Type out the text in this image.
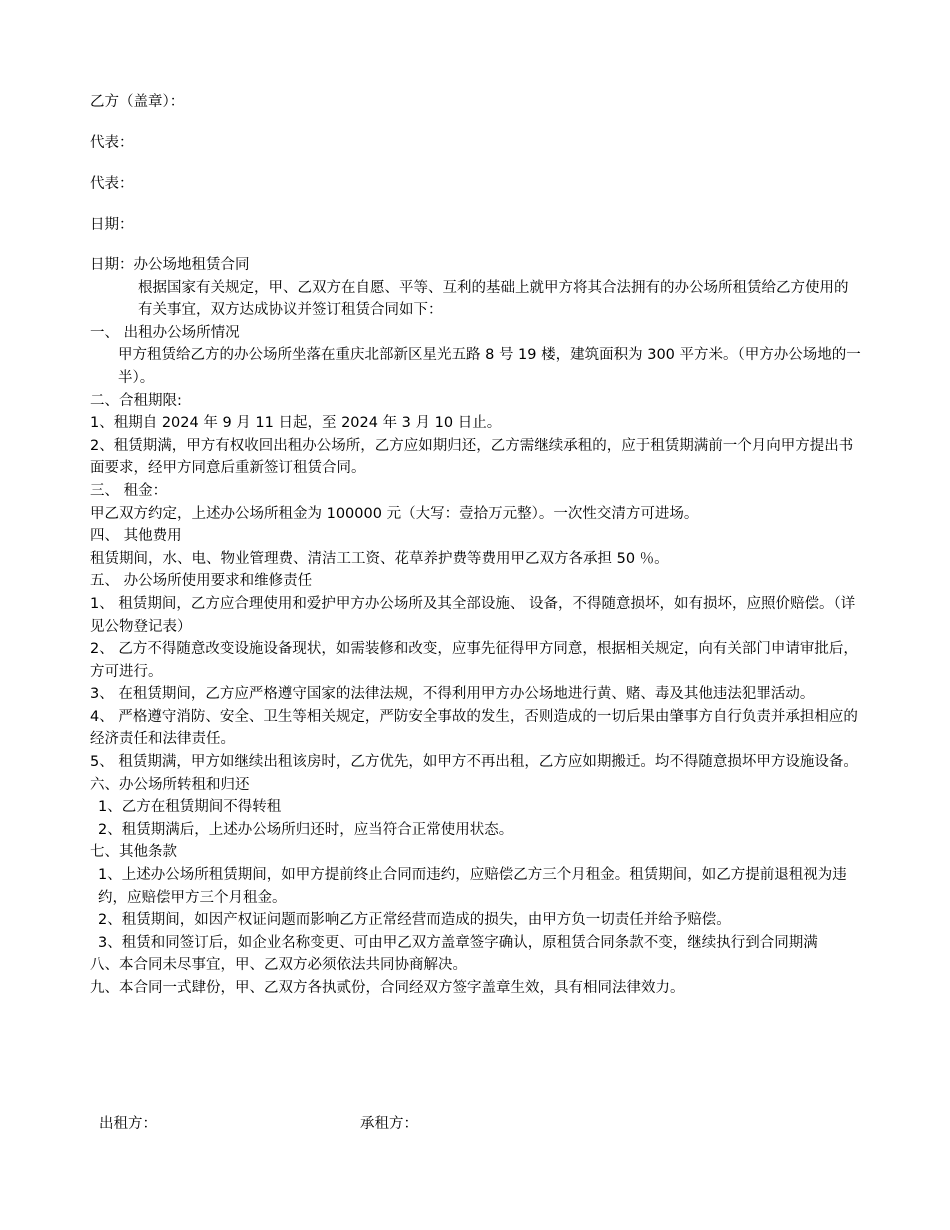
乙方（盖章）：

代表：

代表：

日期：

日期：办公场地租赁合同

根据国家有关规定，甲、乙双方在自愿、平等、互利的基础上就甲方将其合法拥有的办公场所租赁给乙方使用的有关事宜，双方达成协议并签订租赁合同如下：

一、 出租办公场所情况

甲方租赁给乙方的办公场所坐落在重庆北部新区星光五路 8 号 19 楼，建筑面积为 300 平方米。（甲方办公场地的一半）。

二、合租期限:

1、租期自 2024 年 9 月 11 日起，至 2024 年 3 月 10 日止。

2、租赁期满，甲方有权收回出租办公场所，乙方应如期归还，乙方需继续承租的，应于租赁期满前一个月向甲方提出书面要求，经甲方同意后重新签订租赁合同。

三、 租金：

甲乙双方约定，上述办公场所租金为 100000 元（大写：壹拾万元整）。一次性交清方可进场。

四、 其他费用

租赁期间，水、电、物业管理费、清洁工工资、花草养护费等费用甲乙双方各承担 50 ％。

五、 办公场所使用要求和维修责任

1、 租赁期间，乙方应合理使用和爱护甲方办公场所及其全部设施、 设备，不得随意损坏，如有损坏，应照价赔偿。（详见公物登记表）

2、 乙方不得随意改变设施设备现状，如需装修和改变，应事先征得甲方同意，根据相关规定，向有关部门申请审批后，方可进行。

3、 在租赁期间，乙方应严格遵守国家的法律法规，不得利用甲方办公场地进行黄、赌、毒及其他违法犯罪活动。

4、 严格遵守消防、安全、卫生等相关规定，严防安全事故的发生，否则造成的一切后果由肇事方自行负责并承担相应的经济责任和法律责任。

5、 租赁期满，甲方如继续出租该房时，乙方优先，如甲方不再出租，乙方应如期搬迁。均不得随意损坏甲方设施设备。

六、办公场所转租和归还

1、乙方在租赁期间不得转租

2、租赁期满后，上述办公场所归还时，应当符合正常使用状态。

七、其他条款

1、上述办公场所租赁期间，如甲方提前终止合同而违约，应赔偿乙方三个月租金。租赁期间，如乙方提前退租视为违约，应赔偿甲方三个月租金。

2、租赁期间，如因产权证问题而影响乙方正常经营而造成的损失，由甲方负一切责任并给予赔偿。

3、租赁和同签订后，如企业名称变更、可由甲乙双方盖章签字确认，原租赁合同条款不变，继续执行到合同期满

八、本合同未尽事宜，甲、乙双方必须依法共同协商解决。

九、本合同一式肆份，甲、乙双方各执贰份，合同经双方签字盖章生效，具有相同法律效力。

出租方：	承租方：
